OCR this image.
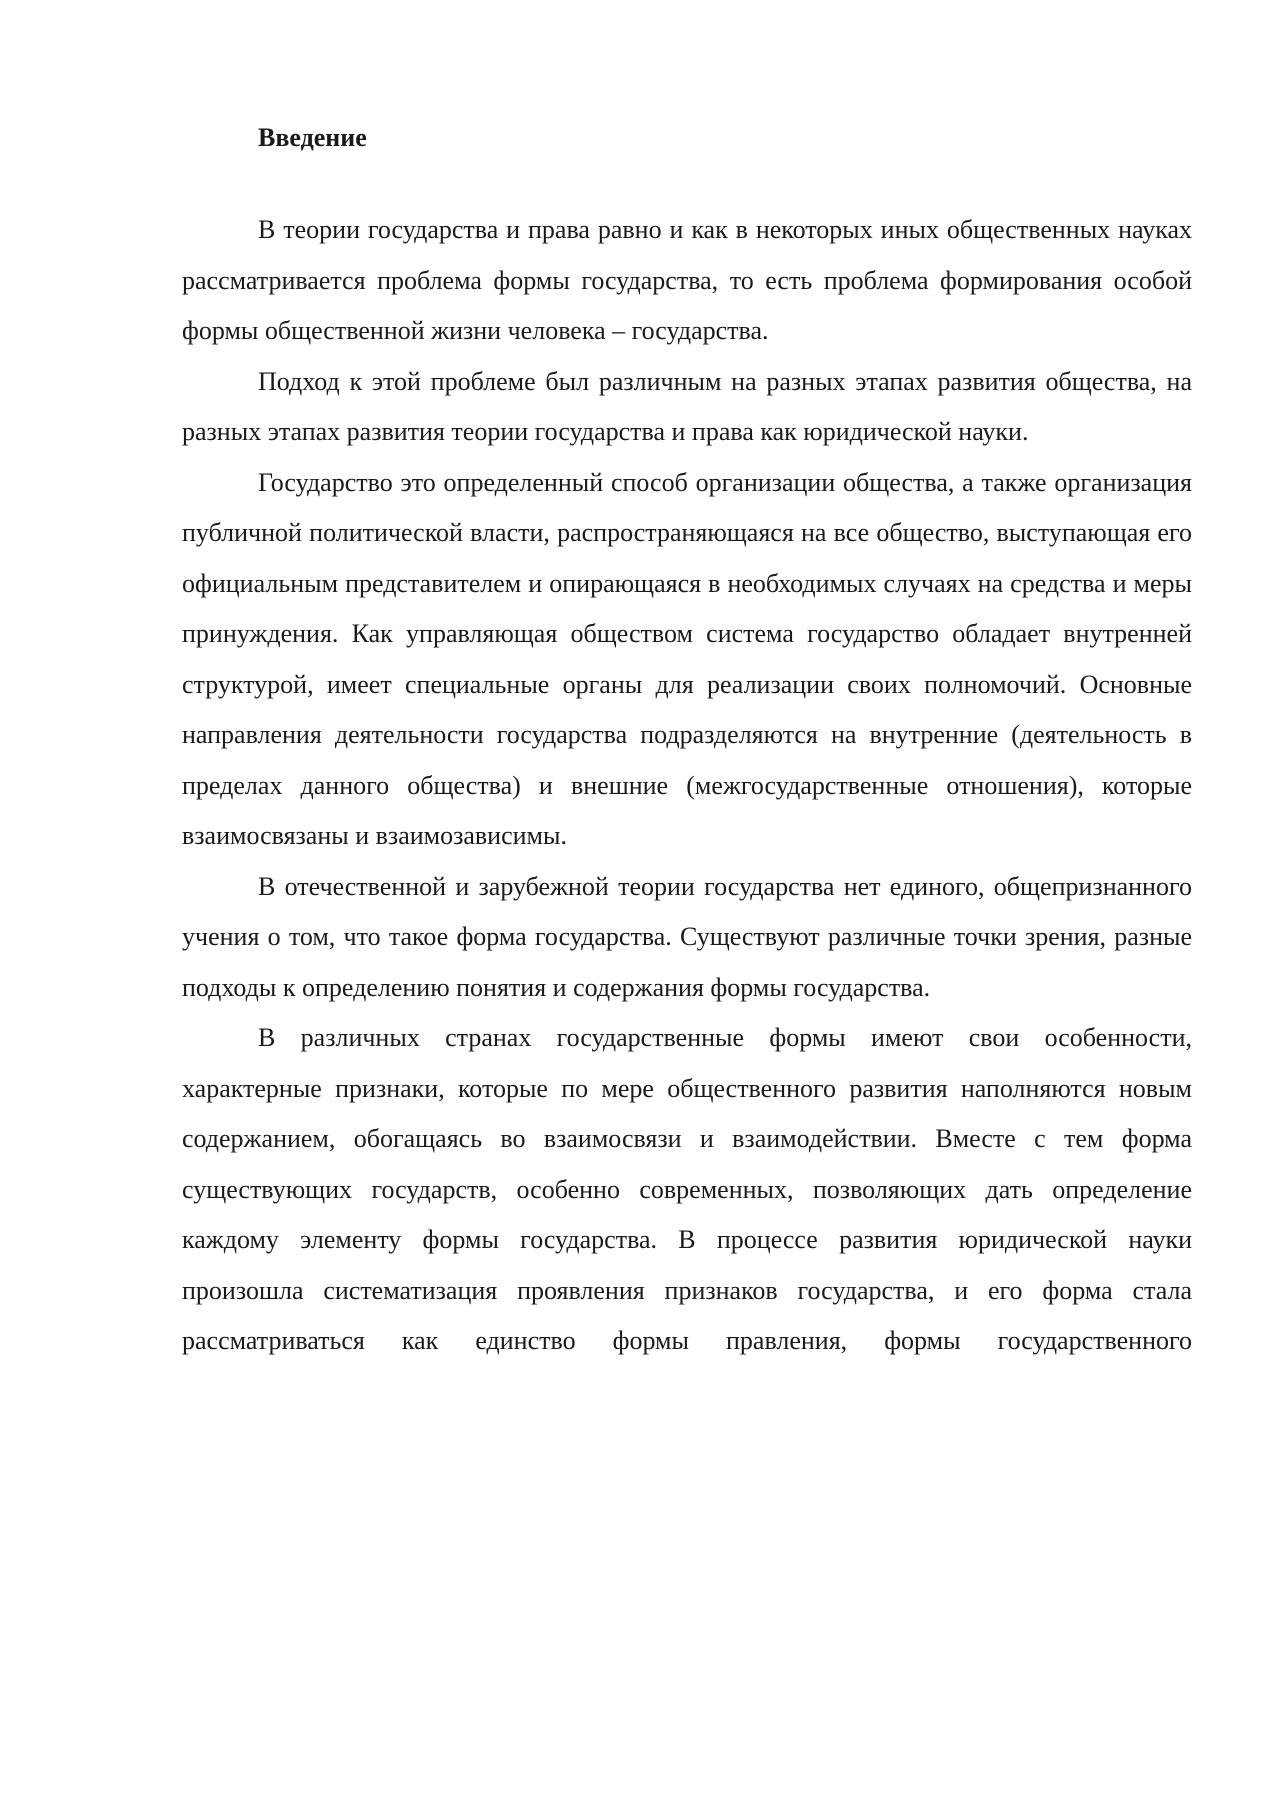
Введение

В теории государства и права равно и как в некоторых иных общественных науках рассматривается проблема формы государства, то есть проблема формирования особой формы общественной жизни человека – государства.

Подход к этой проблеме был различным на разных этапах развития общества, на разных этапах развития теории государства и права как юридической науки.

Государство это определенный способ организации общества, а также организация публичной политической власти, распространяющаяся на все общество, выступающая его официальным представителем и опирающаяся в необходимых случаях на средства и меры принуждения. Как управляющая обществом система государство обладает внутренней структурой, имеет специальные органы для реализации своих полномочий. Основные направления деятельности государства подразделяются на внутренние (деятельность в пределах данного общества) и внешние (межгосударственные отношения), которые взаимосвязаны и взаимозависимы.

В отечественной и зарубежной теории государства нет единого, общепризнанного учения о том, что такое форма государства. Существуют различные точки зрения, разные подходы к определению понятия и содержания формы государства.

В различных странах государственные формы имеют свои особенности, характерные признаки, которые по мере общественного развития наполняются новым содержанием, обогащаясь во взаимосвязи и взаимодействии. Вместе с тем форма существующих государств, особенно современных, позволяющих дать определение каждому элементу формы государства. В процессе развития юридической науки произошла систематизация проявления признаков государства, и его форма стала рассматриваться как единство формы правления, формы государственного
